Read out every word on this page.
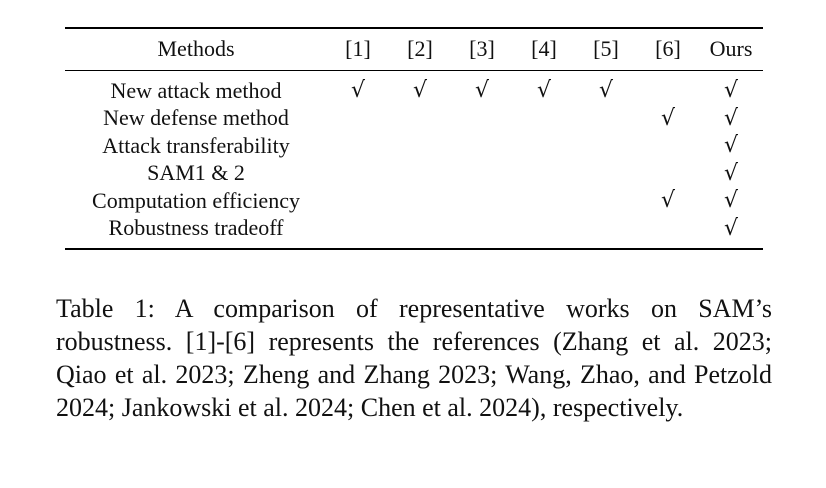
Methods	[1]	[2]	[3]	[4]	[5]	[6]	Ours
New attack method	√	√	√	√	√		√
New defense method						√	√
Attack transferability							√
SAM1 & 2							√
Computation efficiency						√	√
Robustness tradeoff							√

Table 1: A comparison of representative works on SAM’s robustness. [1]-[6] represents the references (Zhang et al. 2023; Qiao et al. 2023; Zheng and Zhang 2023; Wang, Zhao, and Petzold 2024; Jankowski et al. 2024; Chen et al. 2024), respectively.
